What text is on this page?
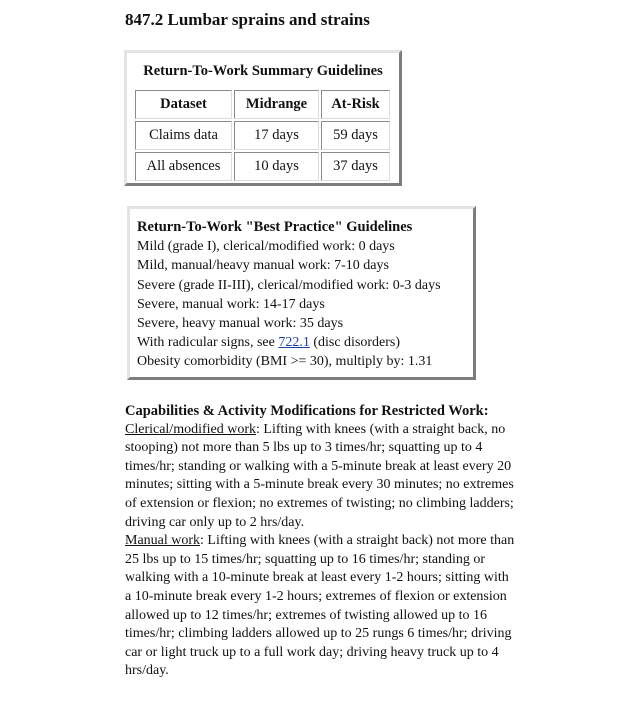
847.2 Lumbar sprains and strains
Return-To-Work Summary Guidelines
Dataset	Midrange	At-Risk
Claims data	17 days	59 days
All absences	10 days	37 days
Return-To-Work "Best Practice" Guidelines
Mild (grade I), clerical/modified work: 0 days
Mild, manual/heavy manual work: 7-10 days
Severe (grade II-III), clerical/modified work: 0-3 days
Severe, manual work: 14-17 days
Severe, heavy manual work: 35 days
With radicular signs, see 722.1 (disc disorders)
Obesity comorbidity (BMI >= 30), multiply by: 1.31
Capabilities & Activity Modifications for Restricted Work:

Clerical/modified work: Lifting with knees (with a straight back, no stooping) not more than 5 lbs up to 3 times/hr; squatting up to 4 times/hr; standing or walking with a 5-minute break at least every 20 minutes; sitting with a 5-minute break every 30 minutes; no extremes of extension or flexion; no extremes of twisting; no climbing ladders; driving car only up to 2 hrs/day.

Manual work: Lifting with knees (with a straight back) not more than 25 lbs up to 15 times/hr; squatting up to 16 times/hr; standing or walking with a 10-minute break at least every 1-2 hours; sitting with a 10-minute break every 1-2 hours; extremes of flexion or extension allowed up to 12 times/hr; extremes of twisting allowed up to 16 times/hr; climbing ladders allowed up to 25 rungs 6 times/hr; driving car or light truck up to a full work day; driving heavy truck up to 4 hrs/day.
